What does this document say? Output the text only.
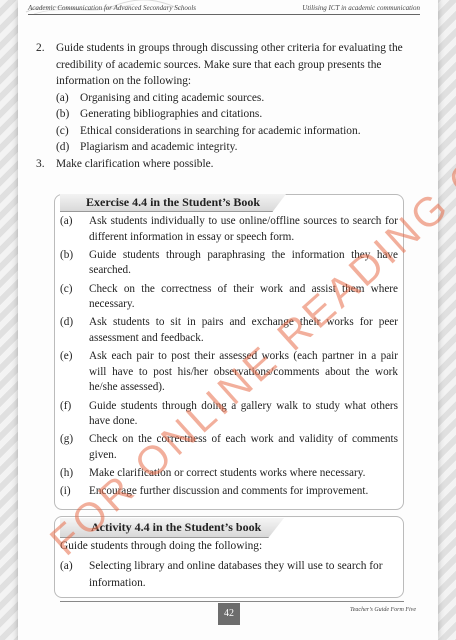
Academic Communication for Advanced Secondary Schools	Utilising ICT in academic communication
2. Guide students in groups through discussing other criteria for evaluating the credibility of academic sources. Make sure that each group presents the information on the following:
(a) Organising and citing academic sources.
(b) Generating bibliographies and citations.
(c) Ethical considerations in searching for academic information.
(d) Plagiarism and academic integrity.
3. Make clarification where possible.
Exercise 4.4 in the Student’s Book
(a) Ask students individually to use online/offline sources to search for different information in essay or speech form.
(b) Guide students through paraphrasing the information they have searched.
(c) Check on the correctness of their work and assist them where necessary.
(d) Ask students to sit in pairs and exchange their works for peer assessment and feedback.
(e) Ask each pair to post their assessed works (each partner in a pair will have to post his/her observations/comments about the work he/she assessed).
(f) Guide students through doing a gallery walk to study what others have done.
(g) Check on the correctness of each work and validity of comments given.
(h) Make clarification or correct students works where necessary.
(i) Encourage further discussion and comments for improvement.
Activity 4.4 in the Student’s book
Guide students through doing the following:
(a) Selecting library and online databases they will use to search for information.
42	Teacher’s Guide Form Five
FOR ONLINE READING
